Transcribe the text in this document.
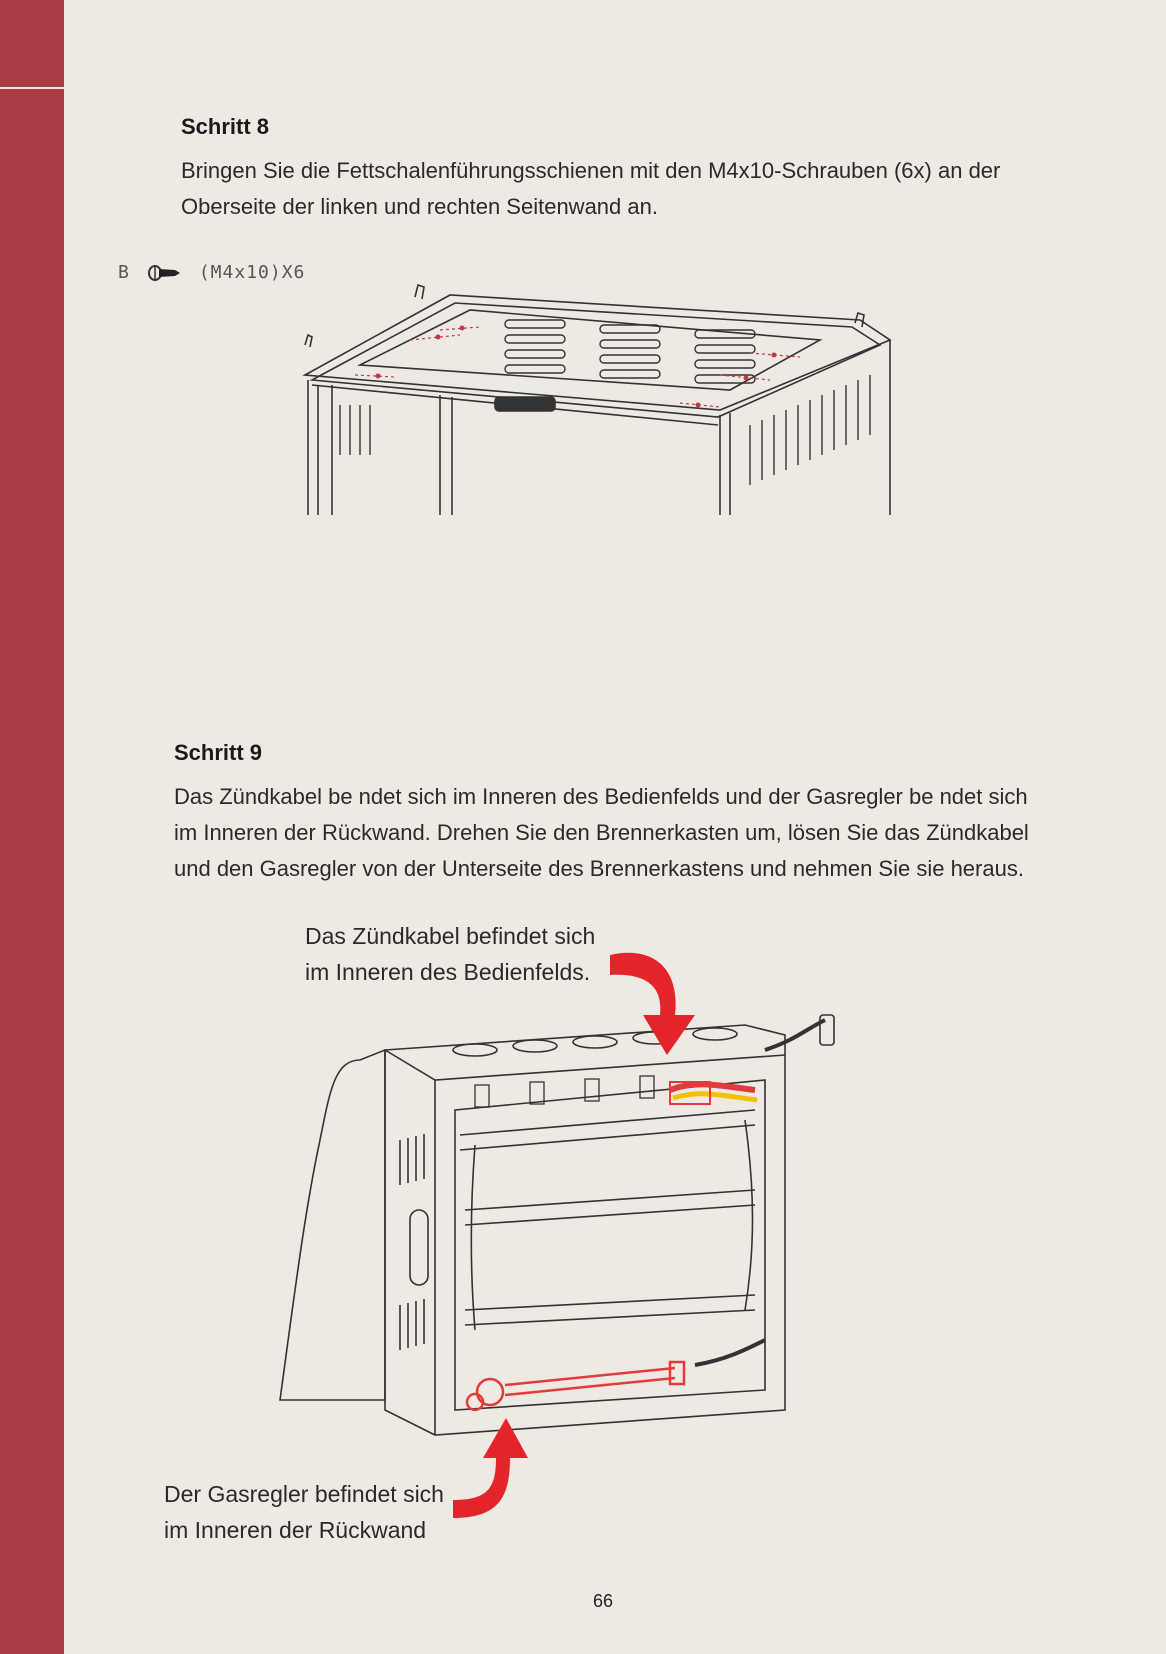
Schritt 8
Bringen Sie die Fettschalenführungsschienen mit den M4x10-Schrauben (6x) an der
Oberseite der linken und rechten Seitenwand an.
B	(M4x10)X6
Schritt 9
Das Zündkabel be ndet sich im Inneren des Bedienfelds und der Gasregler be ndet sich
im Inneren der Rückwand. Drehen Sie den Brennerkasten um, lösen Sie das Zündkabel
und den Gasregler von der Unterseite des Brennerkastens und nehmen Sie sie heraus.
Das Zündkabel befindet sich
im Inneren des Bedienfelds.
Der Gasregler befindet sich
im Inneren der Rückwand
66
